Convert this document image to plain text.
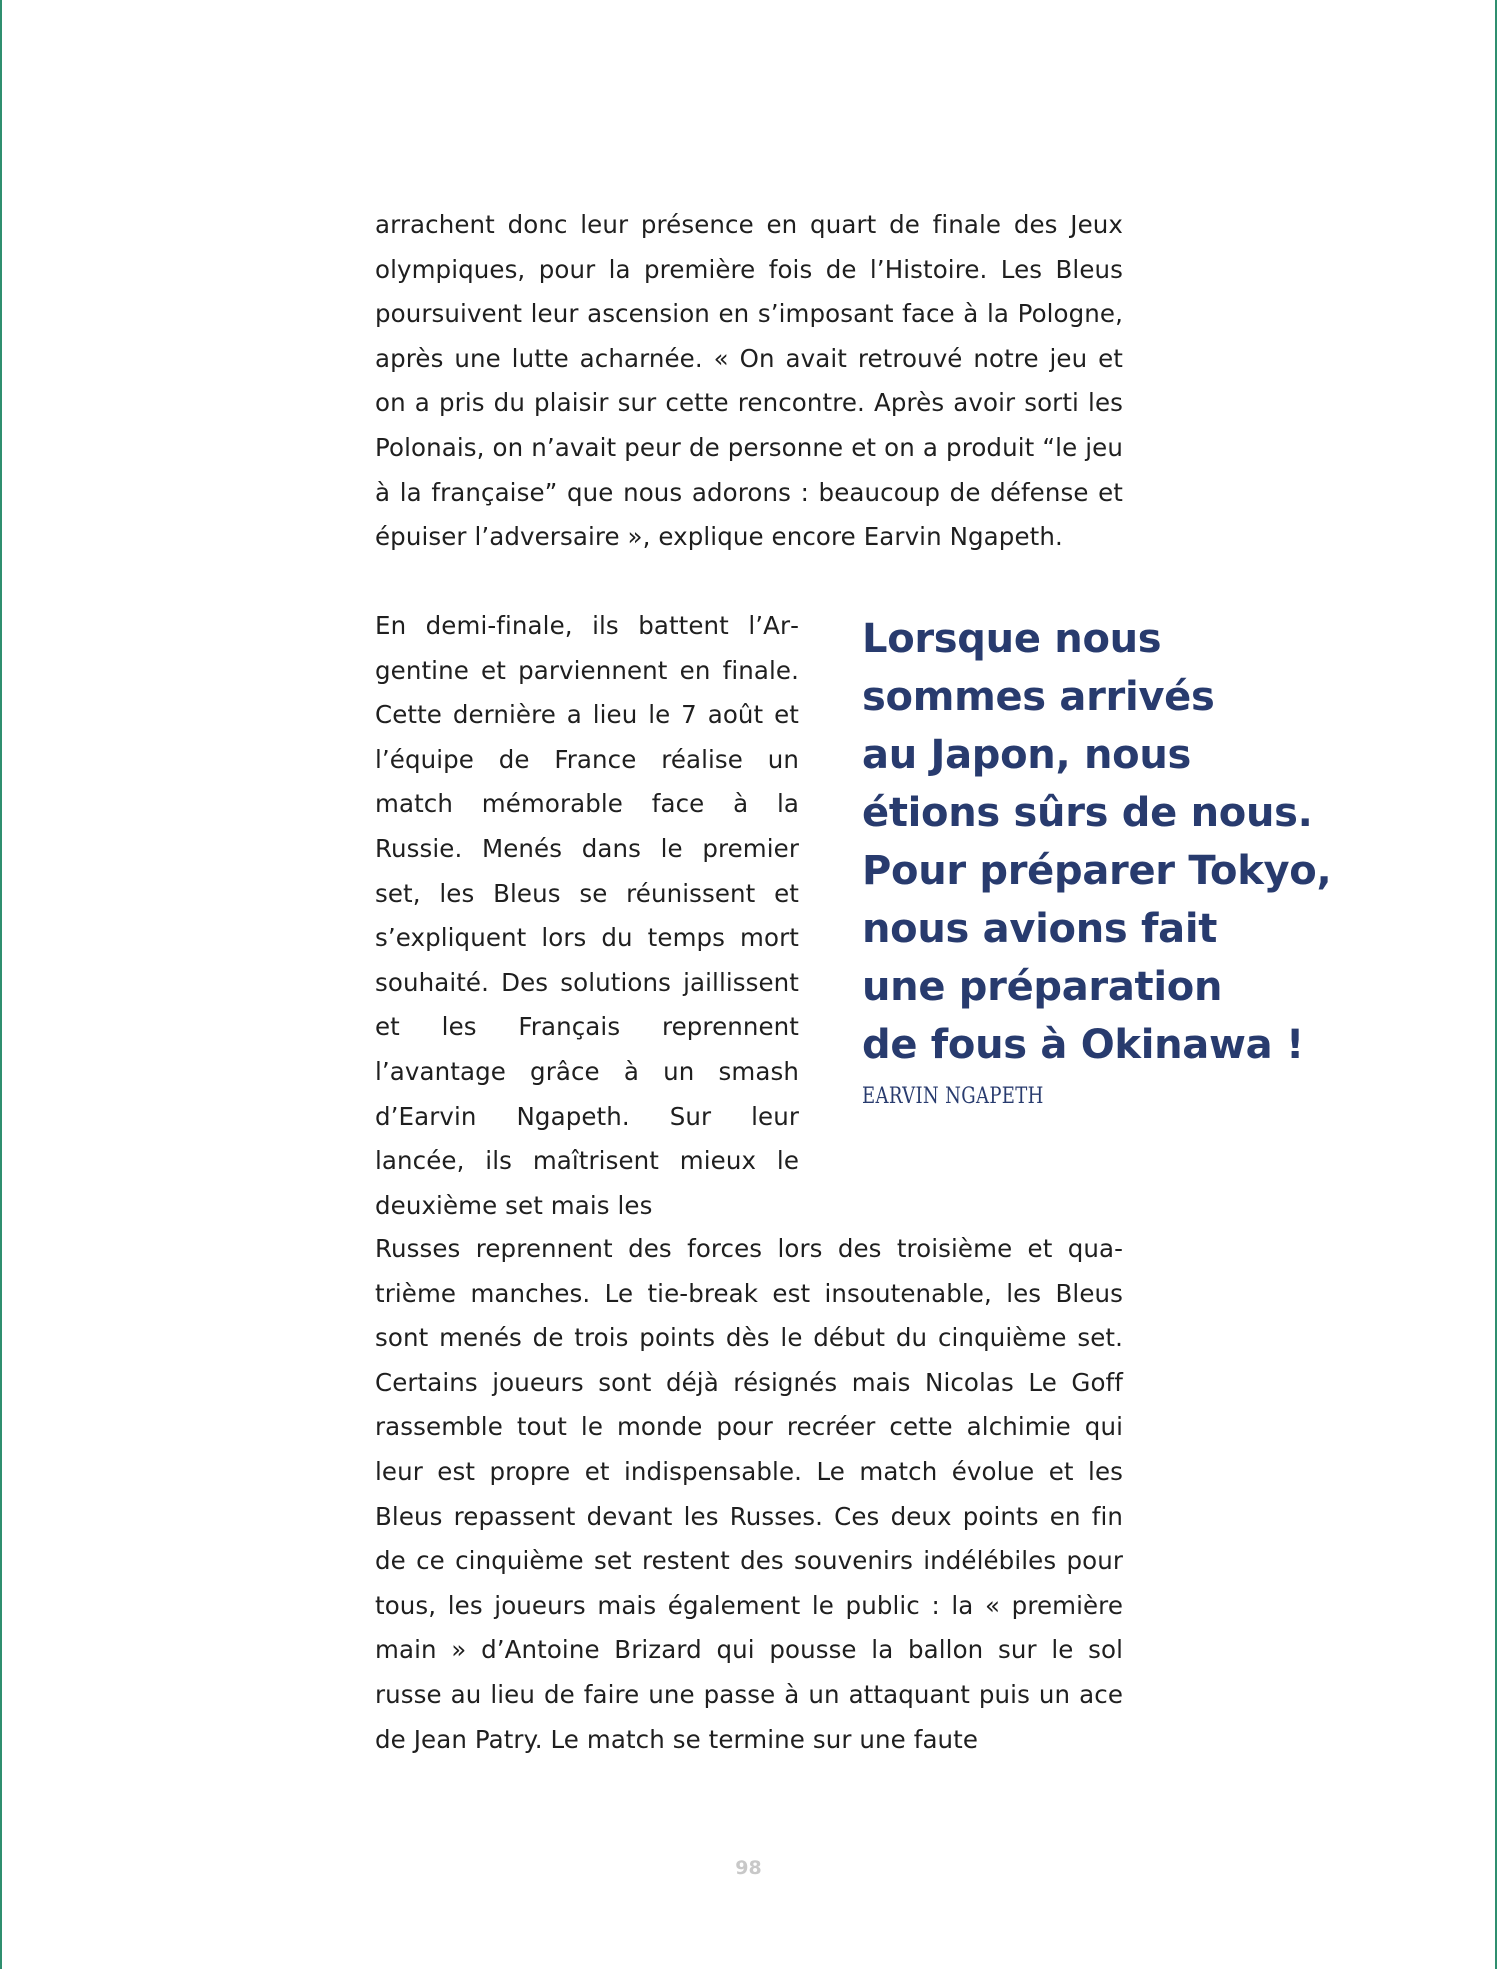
arrachent donc leur présence en quart de finale des Jeux olympiques, pour la première fois de l’Histoire. Les Bleus poursuivent leur ascension en s’imposant face à la Pologne, après une lutte acharnée. « On avait retrouvé notre jeu et on a pris du plaisir sur cette rencontre. Après avoir sorti les Polonais, on n’avait peur de personne et on a produit “le jeu à la française” que nous adorons : beaucoup de défense et épuiser l’adversaire », explique encore Earvin Ngapeth.

En demi-finale, ils battent l’Argentine et parviennent en finale. Cette dernière a lieu le 7 août et l’équipe de France réalise un match mémorable face à la Russie. Menés dans le premier set, les Bleus se réunissent et s’expliquent lors du temps mort souhaité. Des solutions jaillissent et les Français reprennent l’avantage grâce à un smash d’Earvin Ngapeth. Sur leur lancée, ils maîtrisent mieux le deuxième set mais les

Lorsque nous
sommes arrivés
au Japon, nous
étions sûrs de nous.
Pour préparer Tokyo,
nous avions fait
une préparation
de fous à Okinawa !

EARVIN NGAPETH

Russes reprennent des forces lors des troisième et quatrième manches. Le tie-break est insoutenable, les Bleus sont menés de trois points dès le début du cinquième set. Certains joueurs sont déjà résignés mais Nicolas Le Goff rassemble tout le monde pour recréer cette alchimie qui leur est propre et indispensable. Le match évolue et les Bleus repassent devant les Russes. Ces deux points en fin de ce cinquième set restent des souvenirs indélébiles pour tous, les joueurs mais également le public : la « première main » d’Antoine Brizard qui pousse la ballon sur le sol russe au lieu de faire une passe à un attaquant puis un ace de Jean Patry. Le match se termine sur une faute

98
